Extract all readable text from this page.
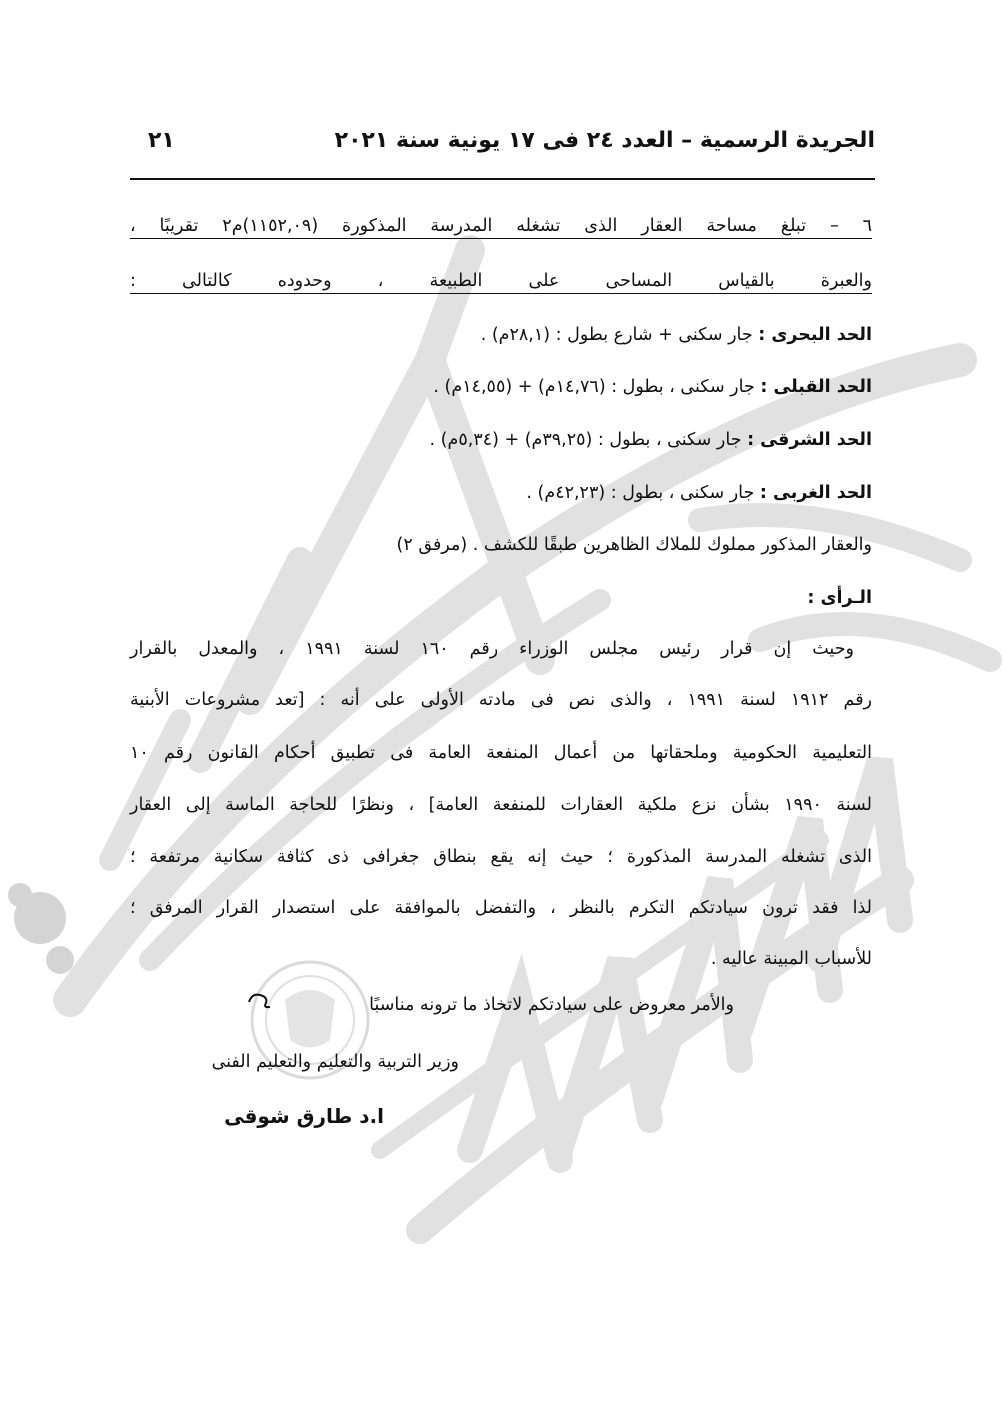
الجريدة الرسمية – العدد ٢٤ فى ١٧ يونية سنة ٢٠٢١
٢١
٦ – تبلغ مساحة العقار الذى تشغله المدرسة المذكورة (١١٥٢,٠٩)م٢ تقريبًا ،
والعبرة بالقياس المساحى على الطبيعة ، وحدوده كالتالى :
الحد البحرى : جار سكنى + شارع بطول : (٢٨,١م) .
الحد القبلى : جار سكنى ، بطول : (١٤,٧٦م) + (١٤,٥٥م) .
الحد الشرقى : جار سكنى ، بطول : (٣٩,٢٥م) + (٥,٣٤م) .
الحد الغربى : جار سكنى ، بطول : (٤٢,٢٣م) .
والعقار المذكور مملوك للملاك الظاهرين طبقًا للكشف . (مرفق ٢)
الـرأى :
وحيث إن قرار رئيس مجلس الوزراء رقم ١٦٠ لسنة ١٩٩١ ، والمعدل بالقرار
رقم ١٩١٢ لسنة ١٩٩١ ، والذى نص فى مادته الأولى على أنه : [تعد مشروعات الأبنية
التعليمية الحكومية وملحقاتها من أعمال المنفعة العامة فى تطبيق أحكام القانون رقم ١٠
لسنة ١٩٩٠ بشأن نزع ملكية العقارات للمنفعة العامة] ، ونظرًا للحاجة الماسة إلى العقار
الذى تشغله المدرسة المذكورة ؛ حيث إنه يقع بنطاق جغرافى ذى كثافة سكانية مرتفعة ؛
لذا فقد ترون سيادتكم التكرم بالنظر ، والتفضل بالموافقة على استصدار القرار المرفق ؛
للأسباب المبينة عاليه .
والأمر معروض على سيادتكم لاتخاذ ما ترونه مناسبًا
وزير التربية والتعليم والتعليم الفنى
ا.د طارق شوقى
